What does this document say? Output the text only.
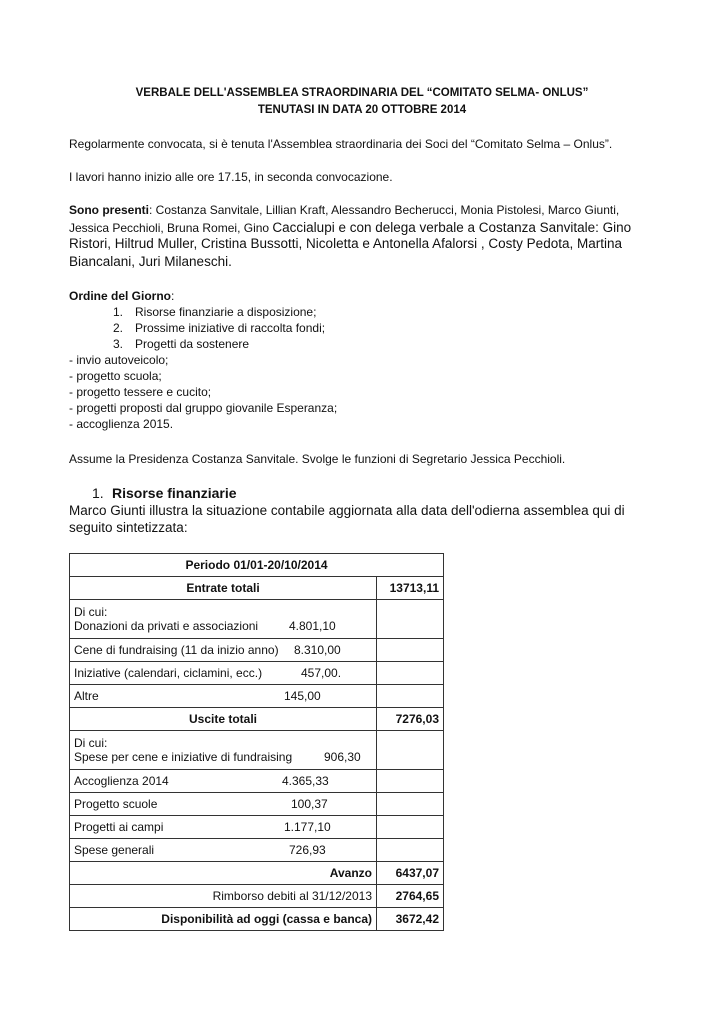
VERBALE DELL'ASSEMBLEA STRAORDINARIA DEL “COMITATO SELMA- ONLUS”
TENUTASI IN DATA 20 OTTOBRE 2014
Regolarmente convocata, si è tenuta l'Assemblea straordinaria dei Soci del “Comitato Selma – Onlus”.
I lavori hanno inizio alle ore 17.15, in seconda convocazione.
Sono presenti: Costanza Sanvitale, Lillian Kraft, Alessandro Becherucci, Monia Pistolesi, Marco Giunti,
Jessica Pecchioli, Bruna Romei, Gino Caccialupi e con delega verbale a Costanza Sanvitale: Gino
Ristori, Hiltrud Muller, Cristina Bussotti, Nicoletta e Antonella Afalorsi , Costy Pedota, Martina
Biancalani, Juri Milaneschi.
Ordine del Giorno:
1. Risorse finanziarie a disposizione;
2. Prossime iniziative di raccolta fondi;
3. Progetti da sostenere
- invio autoveicolo;
- progetto scuola;
- progetto tessere e cucito;
- progetti proposti dal gruppo giovanile Esperanza;
- accoglienza 2015.
Assume la Presidenza Costanza Sanvitale. Svolge le funzioni di Segretario Jessica Pecchioli.
1. Risorse finanziarie
Marco Giunti illustra la situazione contabile aggiornata alla data dell'odierna assemblea qui di
seguito sintetizzata:
Periodo 01/01-20/10/2014	
Entrate totali	13713,11

Di cui:
Donazioni da privati e associazioni 4.801,10	

Cene di fundraising (11 da inizio anno) 8.310,00	

Iniziative (calendari, ciclamini, ecc.) 457,00.	

Altre 145,00	

Uscite totali	7276,03

Di cui:
Spese per cene e iniziative di fundraising 906,30	

Accoglienza 2014 4.365,33	

Progetto scuole 100,37	

Progetti ai campi 1.177,10	

Spese generali 726,93	

Avanzo	6437,07
Rimborso debiti al 31/12/2013	2764,65
Disponibilità ad oggi (cassa e banca)	3672,42
